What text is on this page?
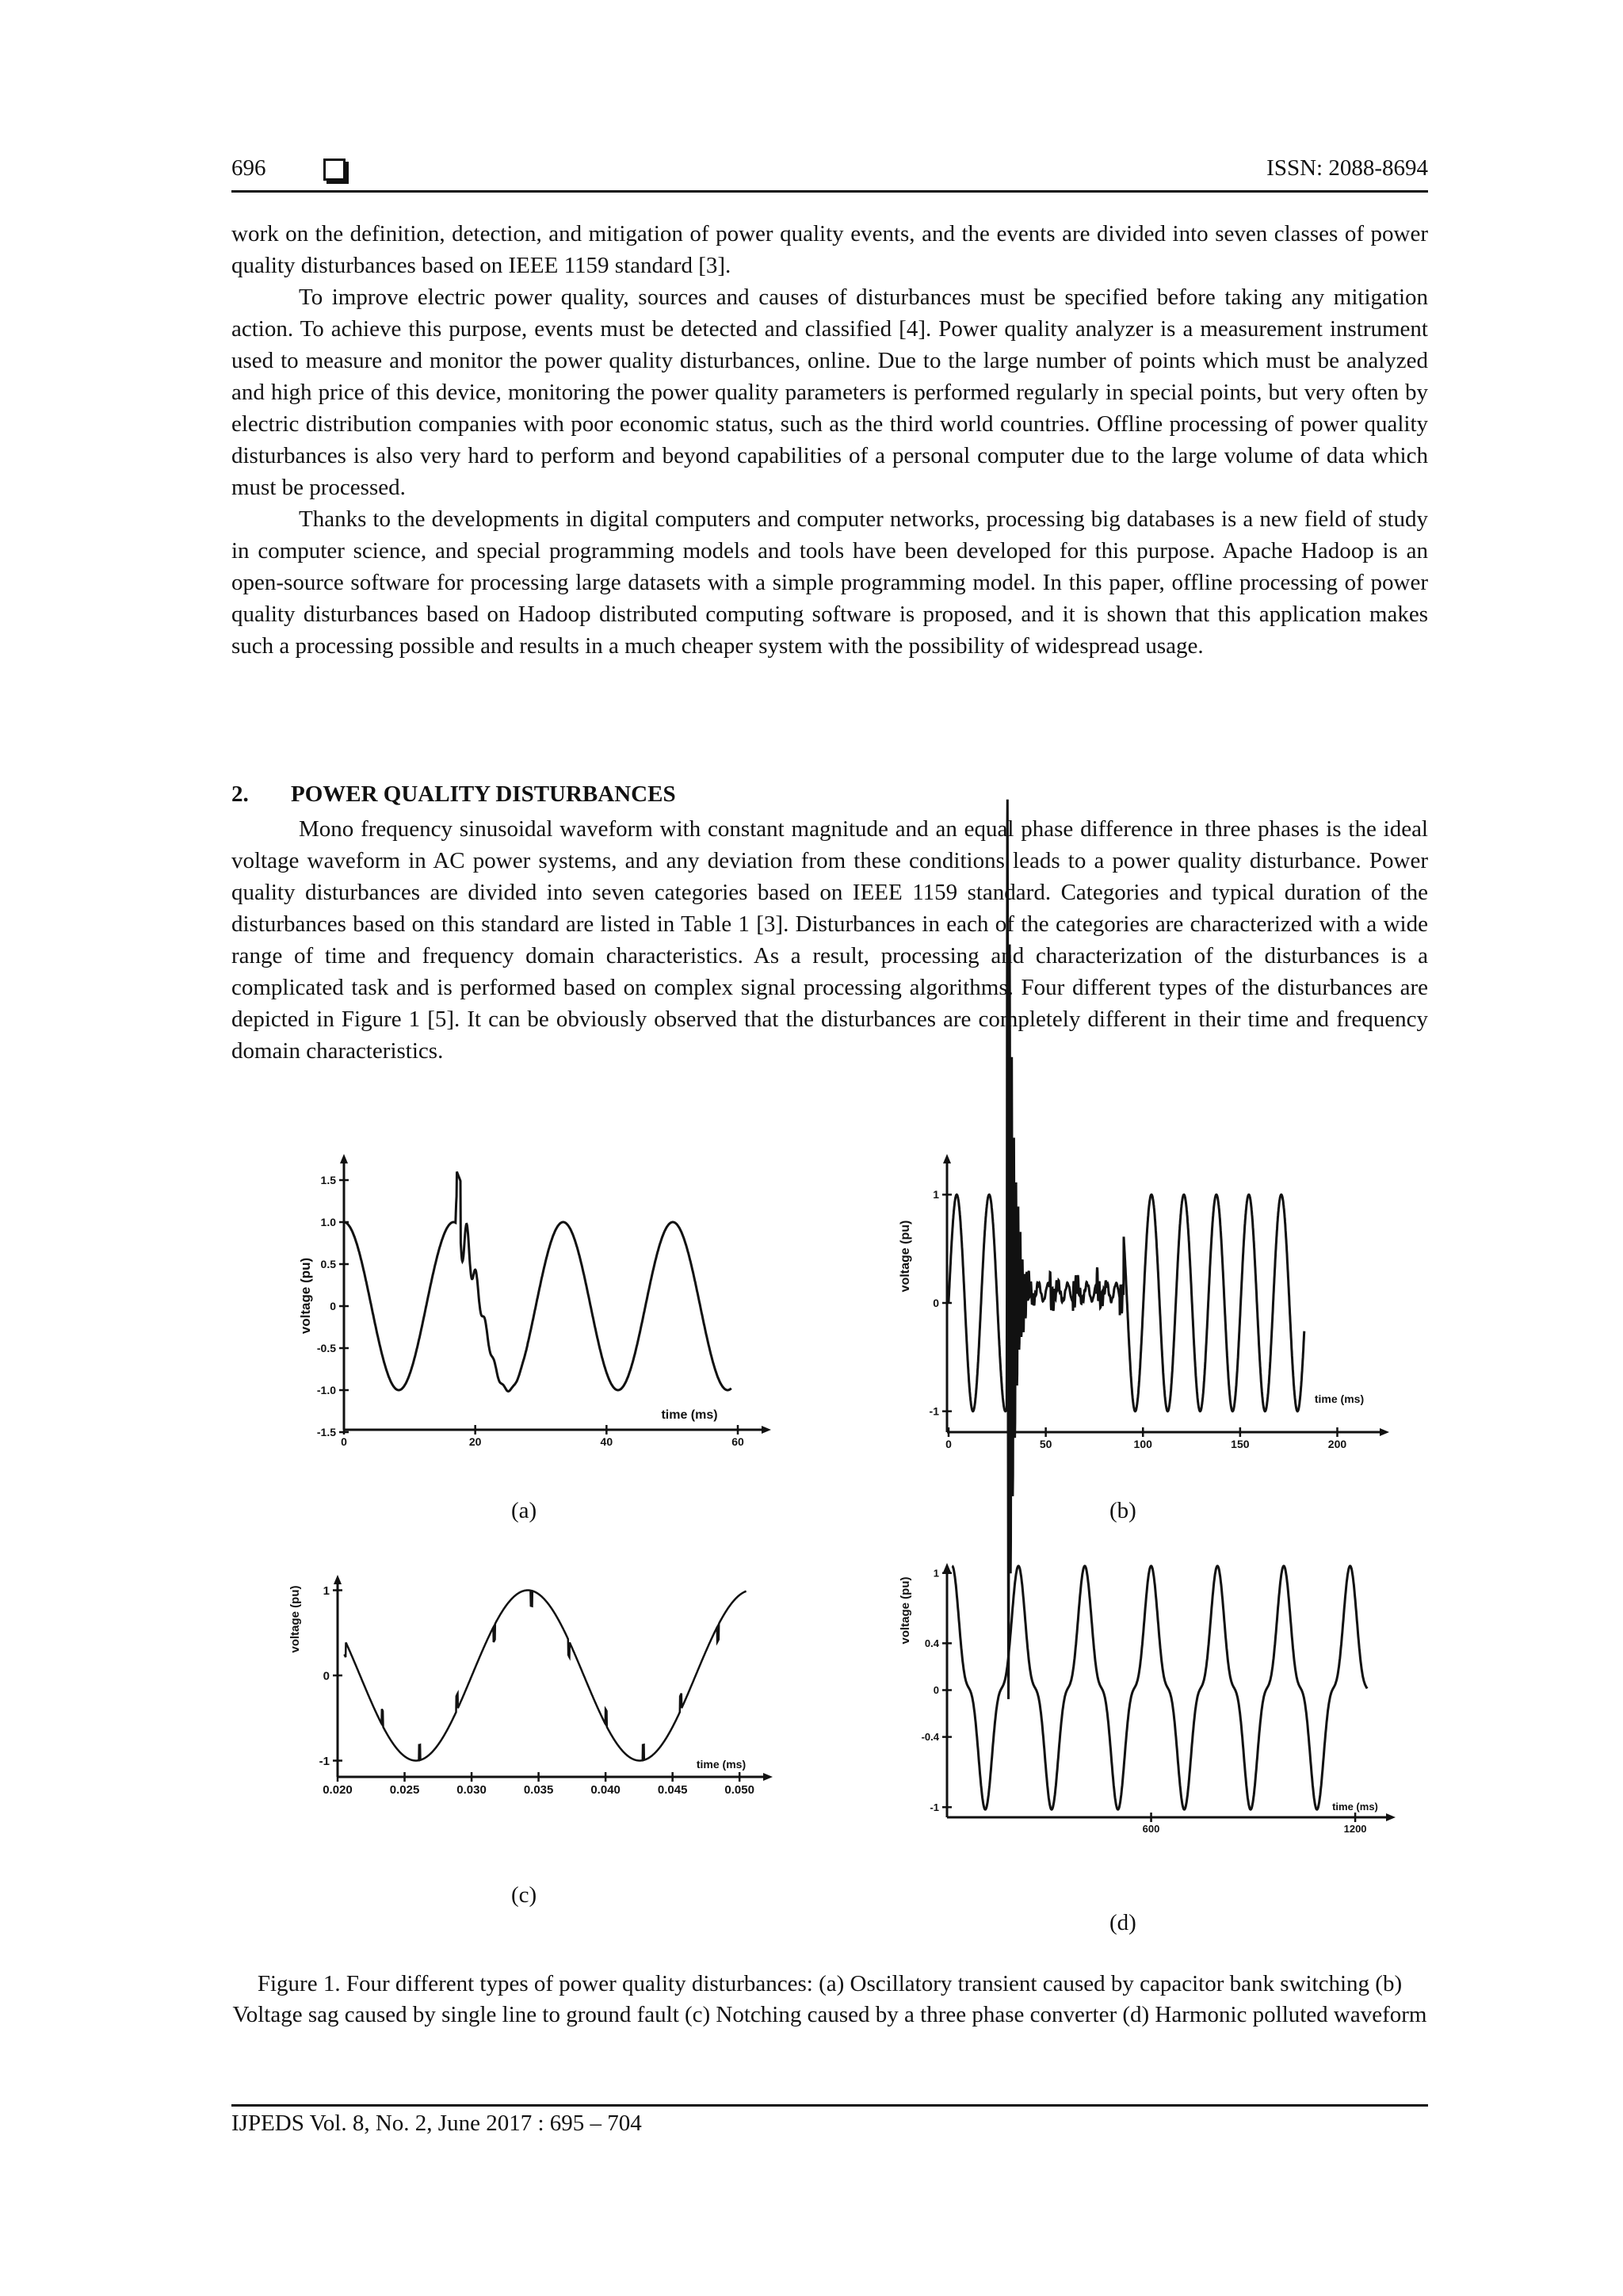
696	ISSN: 2088-8694

work on the definition, detection, and mitigation of power quality events, and the events are divided into seven classes of power quality disturbances based on IEEE 1159 standard [3].

To improve electric power quality, sources and causes of disturbances must be specified before taking any mitigation action. To achieve this purpose, events must be detected and classified [4]. Power quality analyzer is a measurement instrument used to measure and monitor the power quality disturbances, online. Due to the large number of points which must be analyzed and high price of this device, monitoring the power quality parameters is performed regularly in special points, but very often by electric distribution companies with poor economic status, such as the third world countries. Offline processing of power quality disturbances is also very hard to perform and beyond capabilities of a personal computer due to the large volume of data which must be processed.

Thanks to the developments in digital computers and computer networks, processing big databases is a new field of study in computer science, and special programming models and tools have been developed for this purpose. Apache Hadoop is an open-source software for processing large datasets with a simple programming model. In this paper, offline processing of power quality disturbances based on Hadoop distributed computing software is proposed, and it is shown that this application makes such a processing possible and results in a much cheaper system with the possibility of widespread usage.

2. POWER QUALITY DISTURBANCES

Mono frequency sinusoidal waveform with constant magnitude and an equal phase difference in three phases is the ideal voltage waveform in AC power systems, and any deviation from these conditions leads to a power quality disturbance. Power quality disturbances are divided into seven categories based on IEEE 1159 standard. Categories and typical duration of the disturbances based on this standard are listed in Table 1 [3]. Disturbances in each of the categories are characterized with a wide range of time and frequency domain characteristics. As a result, processing and characterization of the disturbances is a complicated task and is performed based on complex signal processing algorithms. Four different types of the disturbances are depicted in Figure 1 [5]. It can be obviously observed that the disturbances are completely different in their time and frequency domain characteristics.

1.5
1.0
0.5
0
-0.5
-1.0
-1.5
0	20	40	60
voltage (pu)
time (ms)
(a)
1
0
-1
0	50	100	150	200
voltage (pu)
time (ms)
(b)
1
0
-1
0.020	0.025	0.030	0.035	0.040	0.045	0.050
voltage (pu)
time (ms)
(c)
1
0.4
0
-0.4
-1
600	1200
voltage (pu)
time (ms)
(d)
Figure 1. Four different types of power quality disturbances: (a) Oscillatory transient caused by capacitor bank switching (b) Voltage sag caused by single line to ground fault (c) Notching caused by a three phase converter (d) Harmonic polluted waveform
IJPEDS Vol. 8, No. 2, June 2017 : 695 – 704
